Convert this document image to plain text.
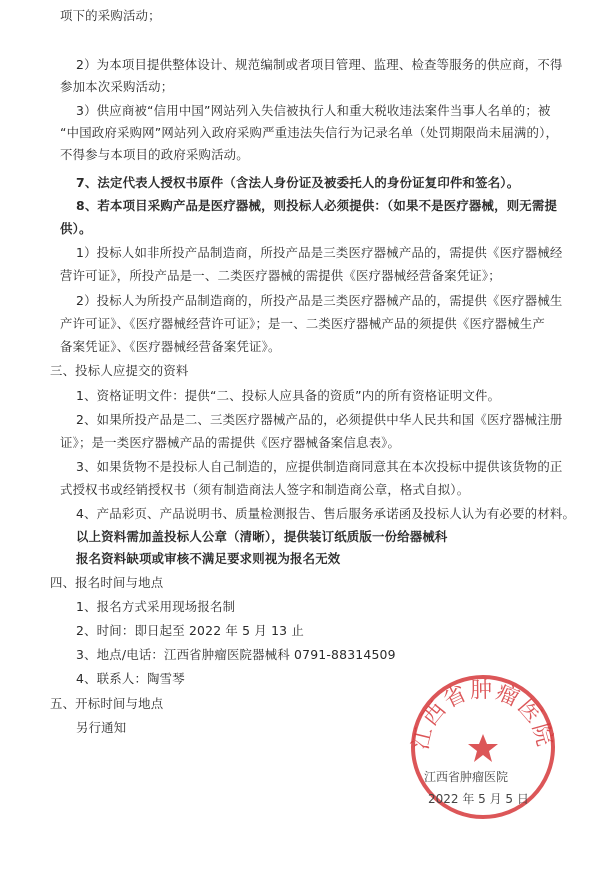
项下的采购活动；
2）为本项目提供整体设计、规范编制或者项目管理、监理、检查等服务的供应商，不得
参加本次采购活动；
3）供应商被“信用中国”网站列入失信被执行人和重大税收违法案件当事人名单的；被
“中国政府采购网”网站列入政府采购严重违法失信行为记录名单（处罚期限尚未届满的），
不得参与本项目的政府采购活动。
7、法定代表人授权书原件（含法人身份证及被委托人的身份证复印件和签名）。
8、若本项目采购产品是医疗器械，则投标人必须提供：（如果不是医疗器械，则无需提
供）。
1）投标人如非所投产品制造商，所投产品是三类医疗器械产品的，需提供《医疗器械经
营许可证》，所投产品是一、二类医疗器械的需提供《医疗器械经营备案凭证》；
2）投标人为所投产品制造商的，所投产品是三类医疗器械产品的，需提供《医疗器械生
产许可证》、《医疗器械经营许可证》；是一、二类医疗器械产品的须提供《医疗器械生产
备案凭证》、《医疗器械经营备案凭证》。
三、投标人应提交的资料
1、资格证明文件：提供“二、投标人应具备的资质”内的所有资格证明文件。
2、如果所投产品是二、三类医疗器械产品的，必须提供中华人民共和国《医疗器械注册
证》；是一类医疗器械产品的需提供《医疗器械备案信息表》。
3、如果货物不是投标人自己制造的，应提供制造商同意其在本次投标中提供该货物的正
式授权书或经销授权书（须有制造商法人签字和制造商公章，格式自拟）。
4、产品彩页、产品说明书、质量检测报告、售后服务承诺函及投标人认为有必要的材料。
以上资料需加盖投标人公章（清晰），提供装订纸质版一份给器械科
报名资料缺项或审核不满足要求则视为报名无效
四、报名时间与地点
1、报名方式采用现场报名制
2、时间：即日起至 2022 年 5 月 13 止
3、地点/电话：江西省肿瘤医院器械科 0791-88314509
4、联系人：陶雪琴
五、开标时间与地点
另行通知	江西省肿瘤医院
江西省肿瘤医院
2022 年 5 月 5 日
